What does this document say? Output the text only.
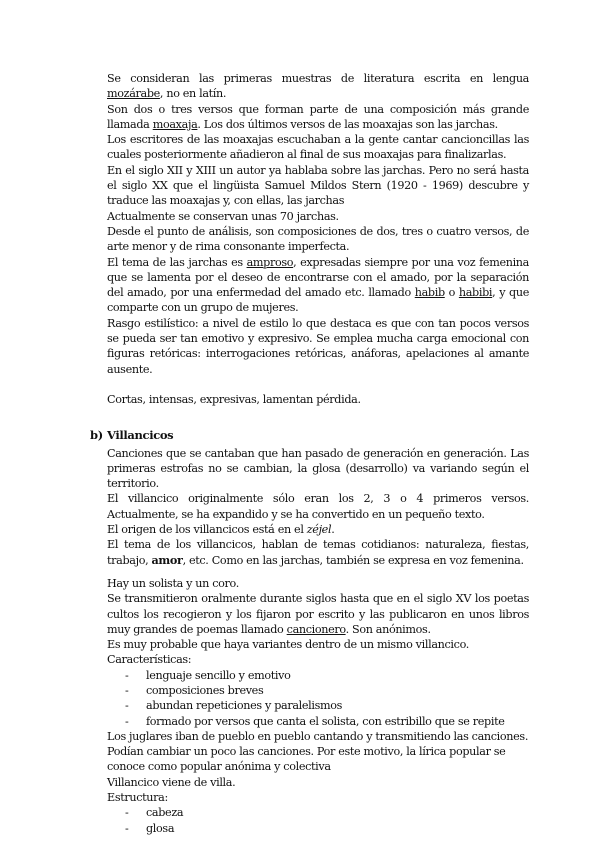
Se consideran las primeras muestras de literatura escrita en lengua mozárabe, no en latín.

Son dos o tres versos que forman parte de una composición más grande llamada moaxaja. Los dos últimos versos de las moaxajas son las jarchas.

Los escritores de las moaxajas escuchaban a la gente cantar cancioncillas las cuales posteriormente añadieron al final de sus moaxajas para finalizarlas.

En el siglo XII y XIII un autor ya hablaba sobre las jarchas. Pero no será hasta el siglo XX que el lingüista Samuel Mildos Stern (1920 - 1969) descubre y traduce las moaxajas y, con ellas, las jarchas

Actualmente se conservan unas 70 jarchas.

Desde el punto de análisis, son composiciones de dos, tres o cuatro versos, de arte menor y de rima consonante imperfecta.

El tema de las jarchas es amproso, expresadas siempre por una voz femenina que se lamenta por el deseo de encontrarse con el amado, por la separación del amado, por una enfermedad del amado etc. llamado habib o habibi, y que comparte con un grupo de mujeres.

Rasgo estilístico: a nivel de estilo lo que destaca es que con tan pocos versos se pueda ser tan emotivo y expresivo. Se emplea mucha carga emocional con figuras retóricas: interrogaciones retóricas, anáforas, apelaciones al amante ausente.

Cortas, intensas, expresivas, lamentan pérdida.

b) Villancicos

Canciones que se cantaban que han pasado de generación en generación. Las primeras estrofas no se cambian, la glosa (desarrollo) va variando según el territorio.

El villancico originalmente sólo eran los 2, 3 o 4 primeros versos. Actualmente, se ha expandido y se ha convertido en un pequeño texto.

El origen de los villancicos está en el zéjel.

El tema de los villancicos, hablan de temas cotidianos: naturaleza, fiestas, trabajo, amor, etc. Como en las jarchas, también se expresa en voz femenina.

Hay un solista y un coro.

Se transmitieron oralmente durante siglos hasta que en el siglo XV los poetas cultos los recogieron y los fijaron por escrito y las publicaron en unos libros muy grandes de poemas llamado cancionero. Son anónimos.

Es muy probable que haya variantes dentro de un mismo villancico.

Características:

- lenguaje sencillo y emotivo
- composiciones breves
- abundan repeticiones y paralelismos
- formado por versos que canta el solista, con estribillo que se repite

Los juglares iban de pueblo en pueblo cantando y transmitiendo las canciones.

Podían cambiar un poco las canciones. Por este motivo, la lírica popular se conoce como popular anónima y colectiva

Villancico viene de villa.

Estructura:

- cabeza
- glosa
